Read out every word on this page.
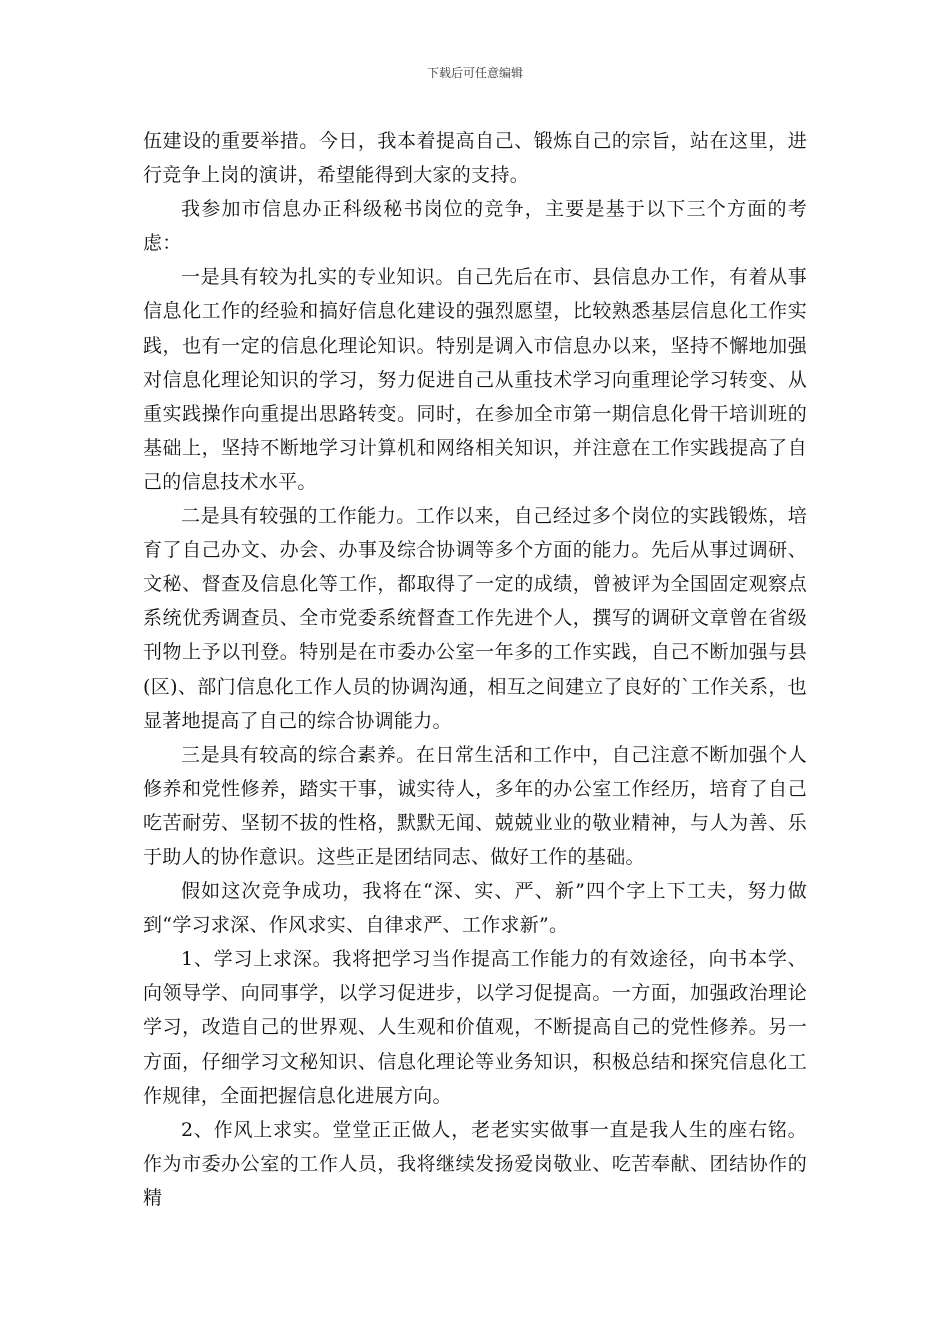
下载后可任意编辑

伍建设的重要举措。今日，我本着提高自己、锻炼自己的宗旨，站在这里，进行竞争上岗的演讲，希望能得到大家的支持。

我参加市信息办正科级秘书岗位的竞争，主要是基于以下三个方面的考虑：

一是具有较为扎实的专业知识。自己先后在市、县信息办工作，有着从事信息化工作的经验和搞好信息化建设的强烈愿望，比较熟悉基层信息化工作实践，也有一定的信息化理论知识。特别是调入市信息办以来，坚持不懈地加强对信息化理论知识的学习，努力促进自己从重技术学习向重理论学习转变、从重实践操作向重提出思路转变。同时，在参加全市第一期信息化骨干培训班的基础上，坚持不断地学习计算机和网络相关知识，并注意在工作实践提高了自己的信息技术水平。

二是具有较强的工作能力。工作以来，自己经过多个岗位的实践锻炼，培育了自己办文、办会、办事及综合协调等多个方面的能力。先后从事过调研、文秘、督查及信息化等工作，都取得了一定的成绩，曾被评为全国固定观察点系统优秀调查员、全市党委系统督查工作先进个人，撰写的调研文章曾在省级刊物上予以刊登。特别是在市委办公室一年多的工作实践，自己不断加强与县(区)、部门信息化工作人员的协调沟通，相互之间建立了良好的`工作关系，也显著地提高了自己的综合协调能力。

三是具有较高的综合素养。在日常生活和工作中，自己注意不断加强个人修养和党性修养，踏实干事，诚实待人，多年的办公室工作经历，培育了自己吃苦耐劳、坚韧不拔的性格，默默无闻、兢兢业业的敬业精神，与人为善、乐于助人的协作意识。这些正是团结同志、做好工作的基础。

假如这次竞争成功，我将在“深、实、严、新”四个字上下工夫，努力做到“学习求深、作风求实、自律求严、工作求新”。

1、学习上求深。我将把学习当作提高工作能力的有效途径，向书本学、向领导学、向同事学，以学习促进步，以学习促提高。一方面，加强政治理论学习，改造自己的世界观、人生观和价值观，不断提高自己的党性修养。另一方面，仔细学习文秘知识、信息化理论等业务知识，积极总结和探究信息化工作规律，全面把握信息化进展方向。

2、作风上求实。堂堂正正做人，老老实实做事一直是我人生的座右铭。作为市委办公室的工作人员，我将继续发扬爱岗敬业、吃苦奉献、团结协作的精
